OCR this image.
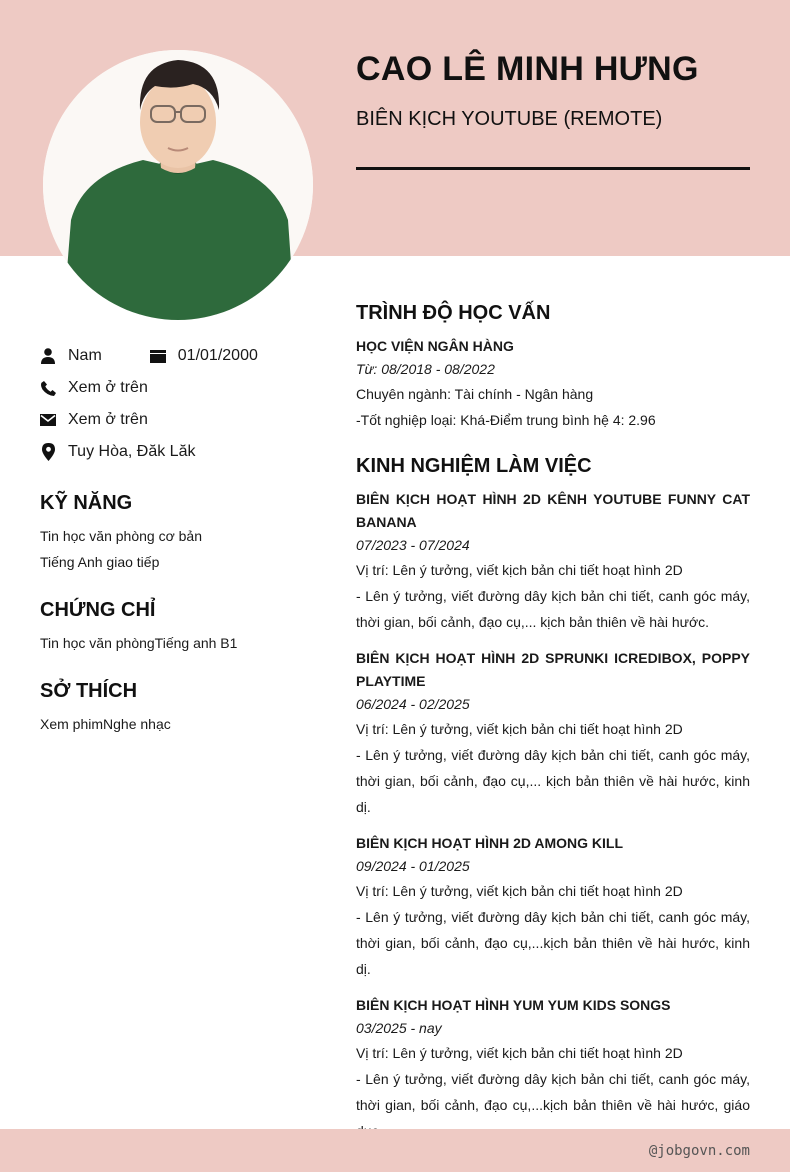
CAO LÊ MINH HƯNG
BIÊN KỊCH YOUTUBE (REMOTE)
Nam	01/01/2000
Xem ở trên
Xem ở trên
Tuy Hòa, Đăk Lăk
KỸ NĂNG
Tin học văn phòng cơ bản
Tiếng Anh giao tiếp
CHỨNG CHỈ
Tin học văn phòngTiếng anh B1
SỞ THÍCH
Xem phimNghe nhạc
TRÌNH ĐỘ HỌC VẤN
HỌC VIỆN NGÂN HÀNG
Từ: 08/2018 - 08/2022
Chuyên ngành: Tài chính - Ngân hàng
-Tốt nghiệp loại: Khá-Điểm trung bình hệ 4: 2.96
KINH NGHIỆM LÀM VIỆC
BIÊN KỊCH HOẠT HÌNH 2D KÊNH YOUTUBE FUNNY CAT BANANA
07/2023 - 07/2024
Vị trí: Lên ý tưởng, viết kịch bản chi tiết hoạt hình 2D
- Lên ý tưởng, viết đường dây kịch bản chi tiết, canh góc máy, thời gian, bối cảnh, đạo cụ,... kịch bản thiên về hài hước.
BIÊN KỊCH HOẠT HÌNH 2D SPRUNKI ICREDIBOX, POPPY PLAYTIME
06/2024 - 02/2025
Vị trí: Lên ý tưởng, viết kịch bản chi tiết hoạt hình 2D
- Lên ý tưởng, viết đường dây kịch bản chi tiết, canh góc máy, thời gian, bối cảnh, đạo cụ,... kịch bản thiên về hài hước, kinh dị.
BIÊN KỊCH HOẠT HÌNH 2D AMONG KILL
09/2024 - 01/2025
Vị trí: Lên ý tưởng, viết kịch bản chi tiết hoạt hình 2D
- Lên ý tưởng, viết đường dây kịch bản chi tiết, canh góc máy, thời gian, bối cảnh, đạo cụ,...kịch bản thiên về hài hước, kinh dị.
BIÊN KỊCH HOẠT HÌNH YUM YUM KIDS SONGS
03/2025 - nay
Vị trí: Lên ý tưởng, viết kịch bản chi tiết hoạt hình 2D
- Lên ý tưởng, viết đường dây kịch bản chi tiết, canh góc máy, thời gian, bối cảnh, đạo cụ,...kịch bản thiên về hài hước, giáo
@jobgovn.com
